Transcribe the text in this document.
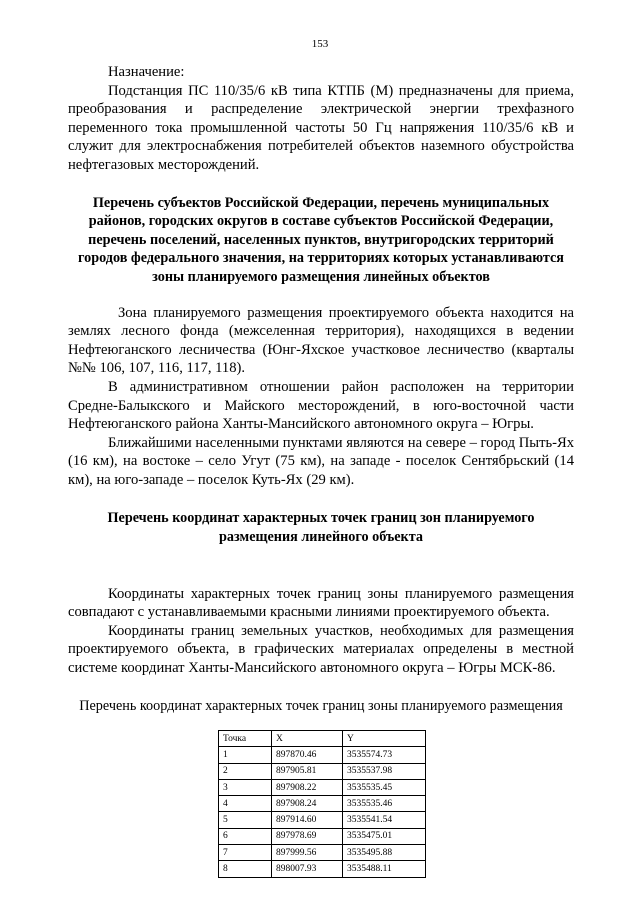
153

Назначение:

Подстанция ПС 110/35/6 кВ типа КТПБ (М) предназначены для приема, преобразования и распределение электрической энергии трехфазного переменного тока промышленной частоты 50 Гц напряжения 110/35/6 кВ и служит для электроснабжения потребителей объектов наземного обустройства нефтегазовых месторождений.

Перечень субъектов Российской Федерации, перечень муниципальных районов, городских округов в составе субъектов Российской Федерации, перечень поселений, населенных пунктов, внутригородских территорий городов федерального значения, на территориях которых устанавливаются зоны планируемого размещения линейных объектов

Зона планируемого размещения проектируемого объекта находится на землях лесного фонда (межселенная территория), находящихся в ведении Нефтеюганского лесничества (Юнг-Яхское участковое лесничество (кварталы №№ 106, 107, 116, 117, 118).

В административном отношении район расположен на территории Средне-Балыкского и Майского месторождений, в юго-восточной части Нефтеюганского района Ханты-Мансийского автономного округа – Югры.

Ближайшими населенными пунктами являются на севере – город Пыть-Ях (16 км), на востоке – село Угут (75 км), на западе - поселок Сентябрьский (14 км), на юго-западе – поселок Куть-Ях (29 км).

Перечень координат характерных точек границ зон планируемого размещения линейного объекта

Координаты характерных точек границ зоны планируемого размещения совпадают с устанавливаемыми красными линиями проектируемого объекта.

Координаты границ земельных участков, необходимых для размещения проектируемого объекта, в графических материалах определены в местной системе координат Ханты-Мансийского автономного округа – Югры МСК-86.

Перечень координат характерных точек границ зоны планируемого размещения

Точка	X	Y
1	897870.46	3535574.73
2	897905.81	3535537.98
3	897908.22	3535535.45
4	897908.24	3535535.46
5	897914.60	3535541.54
6	897978.69	3535475.01
7	897999.56	3535495.88
8	898007.93	3535488.11
